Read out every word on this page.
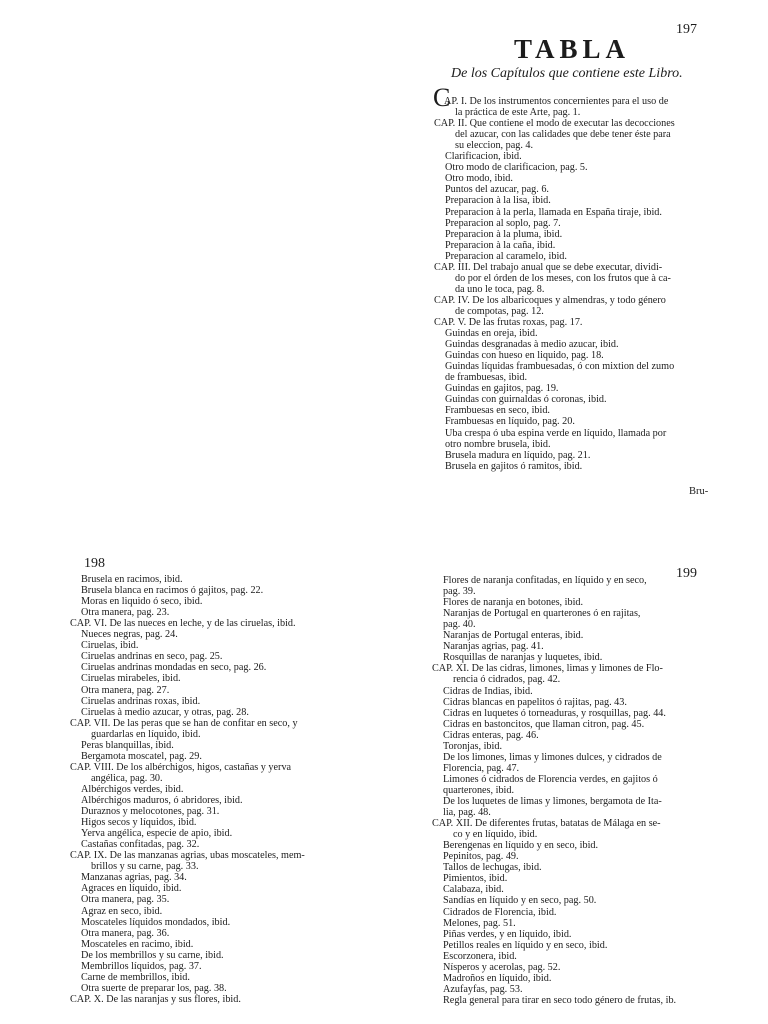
197
TABLA
De los Capítulos que contiene este Libro.
C
AP. I. De los instrumentos concernientes para el uso de
la práctica de este Arte, pag. 1.
CAP. II. Que contiene el modo de executar las decocciones
del azucar, con las calidades que debe tener éste para
su eleccion, pag. 4.
Clarificacion, ibid.
Otro modo de clarificacion, pag. 5.
Otro modo, ibid.
Puntos del azucar, pag. 6.
Preparacion à la lisa, ibid.
Preparacion à la perla, llamada en España tiraje, ibid.
Preparacion al soplo, pag. 7.
Preparacion à la pluma, ibid.
Preparacion à la caña, ibid.
Preparacion al caramelo, ibid.
CAP. III. Del trabajo anual que se debe executar, dividi-
do por el órden de los meses, con los frutos que à ca-
da uno le toca, pag. 8.
CAP. IV. De los albaricoques y almendras, y todo género
de compotas, pag. 12.
CAP. V. De las frutas roxas, pag. 17.
Guindas en oreja, ibid.
Guindas desgranadas à medio azucar, ibid.
Guindas con hueso en liquido, pag. 18.
Guindas líquidas frambuesadas, ó con mixtion del zumo
de frambuesas, ibid.
Guindas en gajitos, pag. 19.
Guindas con guirnaldas ó coronas, ibid.
Frambuesas en seco, ibid.
Frambuesas en líquido, pag. 20.
Uba crespa ó uba espina verde en líquido, llamada por
otro nombre brusela, ibid.
Brusela madura en líquido, pag. 21.
Brusela en gajitos ó ramitos, ibid.
Bru-
198
Brusela en racimos, ibid.
Brusela blanca en racimos ó gajitos, pag. 22.
Moras en liquido ó seco, ibid.
Otra manera, pag. 23.
CAP. VI. De las nueces en leche, y de las ciruelas, ibid.
Nueces negras, pag. 24.
Ciruelas, ibid.
Ciruelas andrinas en seco, pag. 25.
Ciruelas andrinas mondadas en seco, pag. 26.
Ciruelas mirabeles, ibid.
Otra manera, pag. 27.
Ciruelas andrinas roxas, ibid.
Ciruelas à medio azucar, y otras, pag. 28.
CAP. VII. De las peras que se han de confitar en seco, y
guardarlas en líquido, ibid.
Peras blanquillas, ibid.
Bergamota moscatel, pag. 29.
CAP. VIII. De los albérchigos, higos, castañas y yerva
angélica, pag. 30.
Albérchigos verdes, ibid.
Albérchigos maduros, ó abridores, ibid.
Duraznos y melocotones, pag. 31.
Higos secos y líquidos, ibid.
Yerva angélica, especie de apio, ibid.
Castañas confitadas, pag. 32.
CAP. IX. De las manzanas agrias, ubas moscateles, mem-
brillos y su carne, pag. 33.
Manzanas agrias, pag. 34.
Agraces en líquido, ibid.
Otra manera, pag. 35.
Agraz en seco, ibid.
Moscateles líquidos mondados, ibid.
Otra manera, pag. 36.
Moscateles en racimo, ibid.
De los membrillos y su carne, ibid.
Membrillos líquidos, pag. 37.
Carne de membrillos, ibid.
Otra suerte de preparar los, pag. 38.
CAP. X. De las naranjas y sus flores, ibid.
199
Flores de naranja confitadas, en líquido y en seco,
pag. 39.
Flores de naranja en botones, ibid.
Naranjas de Portugal en quarterones ó en rajitas,
pag. 40.
Naranjas de Portugal enteras, ibid.
Naranjas agrias, pag. 41.
Rosquillas de naranjas y luquetes, ibid.
CAP. XI. De las cidras, limones, limas y limones de Flo-
rencia ó cidrados, pag. 42.
Cidras de Indias, ibid.
Cidras blancas en papelitos ó rajitas, pag. 43.
Cidras en luquetes ó torneaduras, y rosquillas, pag. 44.
Cidras en bastoncitos, que llaman citron, pag. 45.
Cidras enteras, pag. 46.
Toronjas, ibid.
De los limones, limas y limones dulces, y cidrados de
Florencia, pag. 47.
Limones ó cidrados de Florencia verdes, en gajitos ó
quarterones, ibid.
De los luquetes de limas y limones, bergamota de Ita-
lia, pag. 48.
CAP. XII. De diferentes frutas, batatas de Málaga en se-
co y en líquido, ibid.
Berengenas en líquido y en seco, ibid.
Pepinitos, pag. 49.
Tallos de lechugas, ibid.
Pimientos, ibid.
Calabaza, ibid.
Sandías en líquido y en seco, pag. 50.
Cidrados de Florencia, ibid.
Melones, pag. 51.
Piñas verdes, y en líquido, ibid.
Petillos reales en líquido y en seco, ibid.
Escorzonera, ibid.
Nísperos y acerolas, pag. 52.
Madroños en líquido, ibid.
Azufayfas, pag. 53.
Regla general para tirar en seco todo género de frutas, ib.
